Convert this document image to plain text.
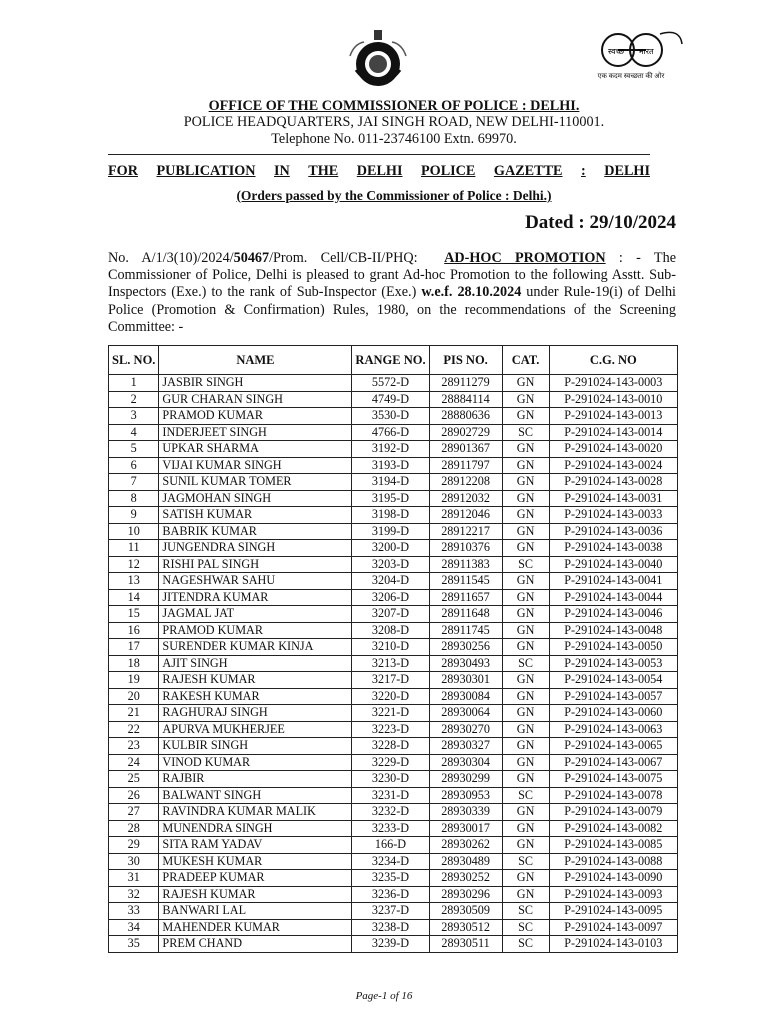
स्वच्छ भारत
एक कदम स्वच्छता की ओर
OFFICE OF THE COMMISSIONER OF POLICE : DELHI.
POLICE HEADQUARTERS, JAI SINGH ROAD, NEW DELHI-110001.
Telephone No. 011-23746100 Extn. 69970.
FOR PUBLICATION IN THE DELHI POLICE GAZETTE : DELHI
(Orders passed by the Commissioner of Police : Delhi.)
Dated : 29/10/2024
No. A/1/3(10)/2024/50467/Prom. Cell/CB-II/PHQ: AD-HOC PROMOTION : - The Commissioner of Police, Delhi is pleased to grant Ad-hoc Promotion to the following Asstt. Sub-Inspectors (Exe.) to the rank of Sub-Inspector (Exe.) w.e.f. 28.10.2024 under Rule-19(i) of Delhi Police (Promotion & Confirmation) Rules, 1980, on the recommendations of the Screening Committee: -
SL. NO.	NAME	RANGE NO.	PIS NO.	CAT.	C.G. NO
1	JASBIR SINGH	5572-D	28911279	GN	P-291024-143-0003
2	GUR CHARAN SINGH	4749-D	28884114	GN	P-291024-143-0010
3	PRAMOD KUMAR	3530-D	28880636	GN	P-291024-143-0013
4	INDERJEET SINGH	4766-D	28902729	SC	P-291024-143-0014
5	UPKAR SHARMA	3192-D	28901367	GN	P-291024-143-0020
6	VIJAI KUMAR SINGH	3193-D	28911797	GN	P-291024-143-0024
7	SUNIL KUMAR TOMER	3194-D	28912208	GN	P-291024-143-0028
8	JAGMOHAN SINGH	3195-D	28912032	GN	P-291024-143-0031
9	SATISH KUMAR	3198-D	28912046	GN	P-291024-143-0033
10	BABRIK KUMAR	3199-D	28912217	GN	P-291024-143-0036
11	JUNGENDRA SINGH	3200-D	28910376	GN	P-291024-143-0038
12	RISHI PAL SINGH	3203-D	28911383	SC	P-291024-143-0040
13	NAGESHWAR SAHU	3204-D	28911545	GN	P-291024-143-0041
14	JITENDRA KUMAR	3206-D	28911657	GN	P-291024-143-0044
15	JAGMAL JAT	3207-D	28911648	GN	P-291024-143-0046
16	PRAMOD KUMAR	3208-D	28911745	GN	P-291024-143-0048
17	SURENDER KUMAR KINJA	3210-D	28930256	GN	P-291024-143-0050
18	AJIT SINGH	3213-D	28930493	SC	P-291024-143-0053
19	RAJESH KUMAR	3217-D	28930301	GN	P-291024-143-0054
20	RAKESH KUMAR	3220-D	28930084	GN	P-291024-143-0057
21	RAGHURAJ SINGH	3221-D	28930064	GN	P-291024-143-0060
22	APURVA MUKHERJEE	3223-D	28930270	GN	P-291024-143-0063
23	KULBIR SINGH	3228-D	28930327	GN	P-291024-143-0065
24	VINOD KUMAR	3229-D	28930304	GN	P-291024-143-0067
25	RAJBIR	3230-D	28930299	GN	P-291024-143-0075
26	BALWANT SINGH	3231-D	28930953	SC	P-291024-143-0078
27	RAVINDRA KUMAR MALIK	3232-D	28930339	GN	P-291024-143-0079
28	MUNENDRA SINGH	3233-D	28930017	GN	P-291024-143-0082
29	SITA RAM YADAV	166-D	28930262	GN	P-291024-143-0085
30	MUKESH KUMAR	3234-D	28930489	SC	P-291024-143-0088
31	PRADEEP KUMAR	3235-D	28930252	GN	P-291024-143-0090
32	RAJESH KUMAR	3236-D	28930296	GN	P-291024-143-0093
33	BANWARI LAL	3237-D	28930509	SC	P-291024-143-0095
34	MAHENDER KUMAR	3238-D	28930512	SC	P-291024-143-0097
35	PREM CHAND	3239-D	28930511	SC	P-291024-143-0103
Page-1 of 16
